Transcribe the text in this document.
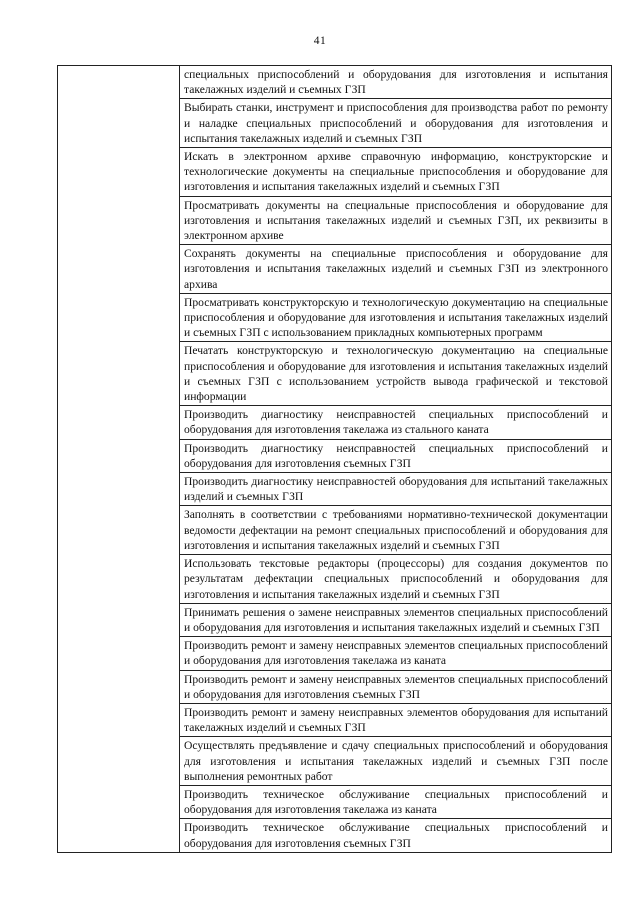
41
	специальных приспособлений и оборудования для изготовления и испытания такелажных изделий и съемных ГЗП
Выбирать станки, инструмент и приспособления для производства работ по ремонту и наладке специальных приспособлений и оборудования для изготовления и испытания такелажных изделий и съемных ГЗП
Искать в электронном архиве справочную информацию, конструкторские и технологические документы на специальные приспособления и оборудование для изготовления и испытания такелажных изделий и съемных ГЗП
Просматривать документы на специальные приспособления и оборудование для изготовления и испытания такелажных изделий и съемных ГЗП, их реквизиты в электронном архиве
Сохранять документы на специальные приспособления и оборудование для изготовления и испытания такелажных изделий и съемных ГЗП из электронного архива
Просматривать конструкторскую и технологическую документацию на специальные приспособления и оборудование для изготовления и испытания такелажных изделий и съемных ГЗП с использованием прикладных компьютерных программ
Печатать конструкторскую и технологическую документацию на специальные приспособления и оборудование для изготовления и испытания такелажных изделий и съемных ГЗП с использованием устройств вывода графической и текстовой информации
Производить диагностику неисправностей специальных приспособлений и оборудования для изготовления такелажа из стального каната
Производить диагностику неисправностей специальных приспособлений и оборудования для изготовления съемных ГЗП
Производить диагностику неисправностей оборудования для испытаний такелажных изделий и съемных ГЗП
Заполнять в соответствии с требованиями нормативно-технической документации ведомости дефектации на ремонт специальных приспособлений и оборудования для изготовления и испытания такелажных изделий и съемных ГЗП
Использовать текстовые редакторы (процессоры) для создания документов по результатам дефектации специальных приспособлений и оборудования для изготовления и испытания такелажных изделий и съемных ГЗП
Принимать решения о замене неисправных элементов специальных приспособлений и оборудования для изготовления и испытания такелажных изделий и съемных ГЗП
Производить ремонт и замену неисправных элементов специальных приспособлений и оборудования для изготовления такелажа из каната
Производить ремонт и замену неисправных элементов специальных приспособлений и оборудования для изготовления съемных ГЗП
Производить ремонт и замену неисправных элементов оборудования для испытаний такелажных изделий и съемных ГЗП
Осуществлять предъявление и сдачу специальных приспособлений и оборудования для изготовления и испытания такелажных изделий и съемных ГЗП после выполнения ремонтных работ
Производить техническое обслуживание специальных приспособлений и оборудования для изготовления такелажа из каната
Производить техническое обслуживание специальных приспособлений и оборудования для изготовления съемных ГЗП
